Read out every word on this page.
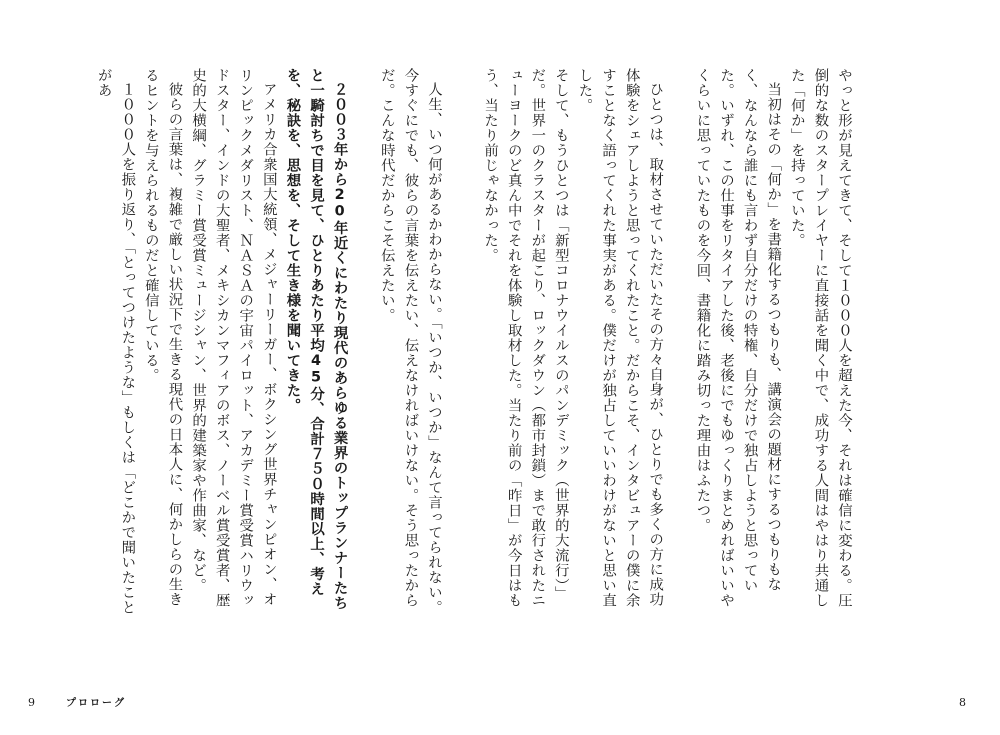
やっと形が見えてきて、そして１０００人を超えた今、それは確信に変わる。圧倒的な数のスタープレイヤーに直接話を聞く中で、成功する人間はやはり共通した「何か」を持っていた。

当初はその「何か」を書籍化するつもりも、講演会の題材にするつもりもなく、なんなら誰にも言わず自分だけの特権、自分だけで独占しようと思っていた。いずれ、この仕事をリタイアした後、老後にでもゆっくりまとめればいいやくらいに思っていたものを今回、書籍化に踏み切った理由はふたつ。

ひとつは、取材させていただいたその方々自身が、ひとりでも多くの方に成功体験をシェアしようと思ってくれたこと。だからこそ、インタビュアーの僕に余すことなく語ってくれた事実がある。僕だけが独占していいわけがないと思い直した。

そして、もうひとつは「新型コロナウイルスのパンデミック（世界的大流行）」だ。世界一のクラスターが起こり、ロックダウン（都市封鎖）まで敢行されたニューヨークのど真ん中でそれを体験し取材した。当たり前の「昨日」が今日はもう、当たり前じゃなかった。

人生、いつ何があるかわからない。「いつか、いつか」なんて言ってられない。今すぐにでも、彼らの言葉を伝えたい、伝えなければいけない。そう思ったからだ。こんな時代だからこそ伝えたい。

２００３年から20年近くにわたり現代のあらゆる業界のトップランナーたちと一騎討ちで目を見て、ひとりあたり平均45分、合計７５０時間以上、考えを、秘訣を、思想を、そして生き様を聞いてきた。

アメリカ合衆国大統領、メジャーリーガー、ボクシング世界チャンピオン、オリンピックメダリスト、ＮＡＳＡの宇宙パイロット、アカデミー賞受賞ハリウッドスター、インドの大聖者、メキシカンマフィアのボス、ノーベル賞受賞者、歴史的大横綱、グラミー賞受賞ミュージシャン、世界的建築家や作曲家、など。

彼らの言葉は、複雑で厳しい状況下で生きる現代の日本人に、何かしらの生きるヒントを与えられるものだと確信している。

１０００人を振り返り、「とってつけたような」もしくは「どこかで聞いたことがあ

9	プロローグ	8
